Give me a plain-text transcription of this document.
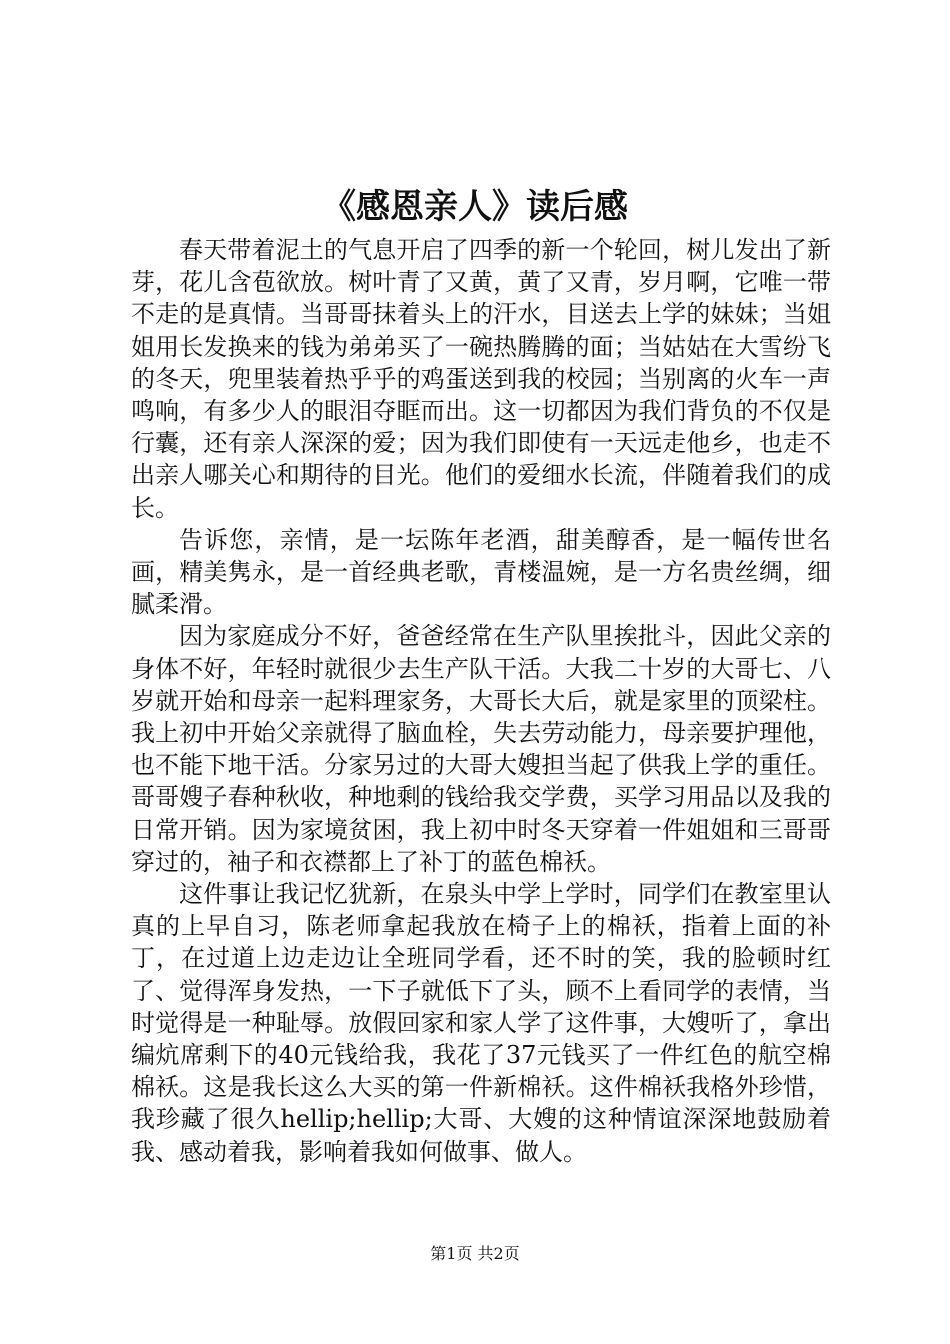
《感恩亲人》读后感

春天带着泥土的气息开启了四季的新一个轮回，树儿发出了新芽，花儿含苞欲放。树叶青了又黄，黄了又青，岁月啊，它唯一带不走的是真情。当哥哥抹着头上的汗水，目送去上学的妹妹；当姐姐用长发换来的钱为弟弟买了一碗热腾腾的面；当姑姑在大雪纷飞的冬天，兜里装着热乎乎的鸡蛋送到我的校园；当别离的火车一声鸣响，有多少人的眼泪夺眶而出。这一切都因为我们背负的不仅是行囊，还有亲人深深的爱；因为我们即使有一天远走他乡，也走不出亲人哪关心和期待的目光。他们的爱细水长流，伴随着我们的成长。

告诉您，亲情，是一坛陈年老酒，甜美醇香，是一幅传世名画，精美隽永，是一首经典老歌，青楼温婉，是一方名贵丝绸，细腻柔滑。

因为家庭成分不好，爸爸经常在生产队里挨批斗，因此父亲的身体不好，年轻时就很少去生产队干活。大我二十岁的大哥七、八岁就开始和母亲一起料理家务，大哥长大后，就是家里的顶梁柱。我上初中开始父亲就得了脑血栓，失去劳动能力，母亲要护理他，也不能下地干活。分家另过的大哥大嫂担当起了供我上学的重任。哥哥嫂子春种秋收，种地剩的钱给我交学费，买学习用品以及我的日常开销。因为家境贫困，我上初中时冬天穿着一件姐姐和三哥哥穿过的，袖子和衣襟都上了补丁的蓝色棉袄。

这件事让我记忆犹新，在泉头中学上学时，同学们在教室里认真的上早自习，陈老师拿起我放在椅子上的棉袄，指着上面的补丁，在过道上边走边让全班同学看，还不时的笑，我的脸顿时红了、觉得浑身发热，一下子就低下了头，顾不上看同学的表情，当时觉得是一种耻辱。放假回家和家人学了这件事，大嫂听了，拿出编炕席剩下的40元钱给我，我花了37元钱买了一件红色的航空棉棉袄。这是我长这么大买的第一件新棉袄。这件棉袄我格外珍惜，我珍藏了很久hellip;hellip;大哥、大嫂的这种情谊深深地鼓励着我、感动着我，影响着我如何做事、做人。

第1页 共2页
